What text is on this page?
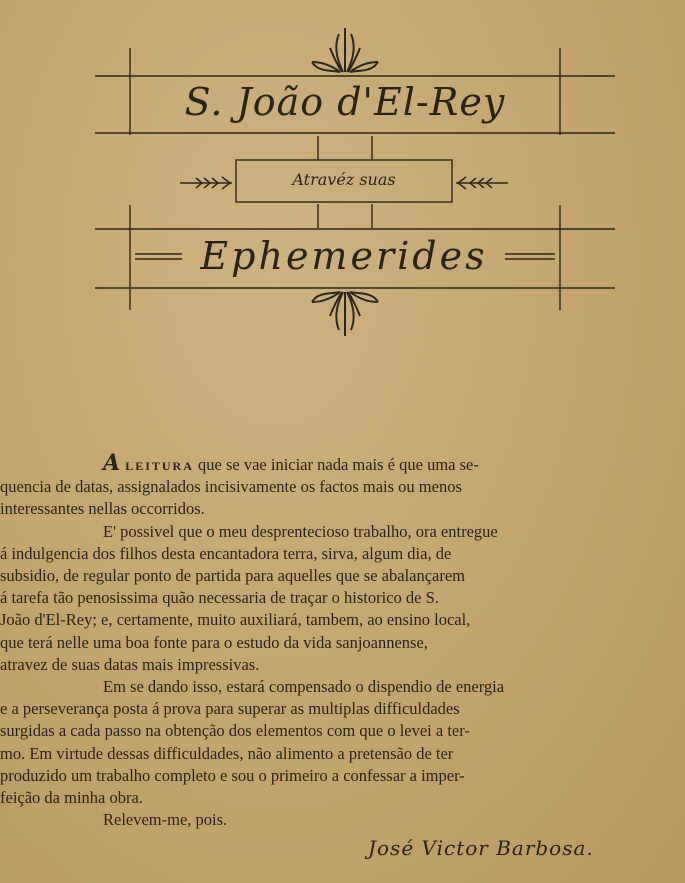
S. João d'El-Rey
Atravéz suas
Ephemerides
A leitura que se vae iniciar nada mais é que uma se-
quencia de datas, assignalados incisivamente os factos mais ou menos
interessantes nellas occorridos.
E' possivel que o meu desprentecioso trabalho, ora entregue
á indulgencia dos filhos desta encantadora terra, sirva, algum dia, de
subsidio, de regular ponto de partida para aquelles que se abalançarem
á tarefa tão penosissima quão necessaria de traçar o historico de S.
João d'El-Rey; e, certamente, muito auxiliará, tambem, ao ensino local,
que terá nelle uma boa fonte para o estudo da vida sanjoannense,
atravez de suas datas mais impressivas.
Em se dando isso, estará compensado o dispendio de energia
e a perseverança posta á prova para superar as multiplas difficuldades
surgidas a cada passo na obtenção dos elementos com que o levei a ter-
mo. Em virtude dessas difficuldades, não alimento a pretensão de ter
produzido um trabalho completo e sou o primeiro a confessar a imper-
feição da minha obra.
Relevem-me, pois.
José Victor Barbosa.
